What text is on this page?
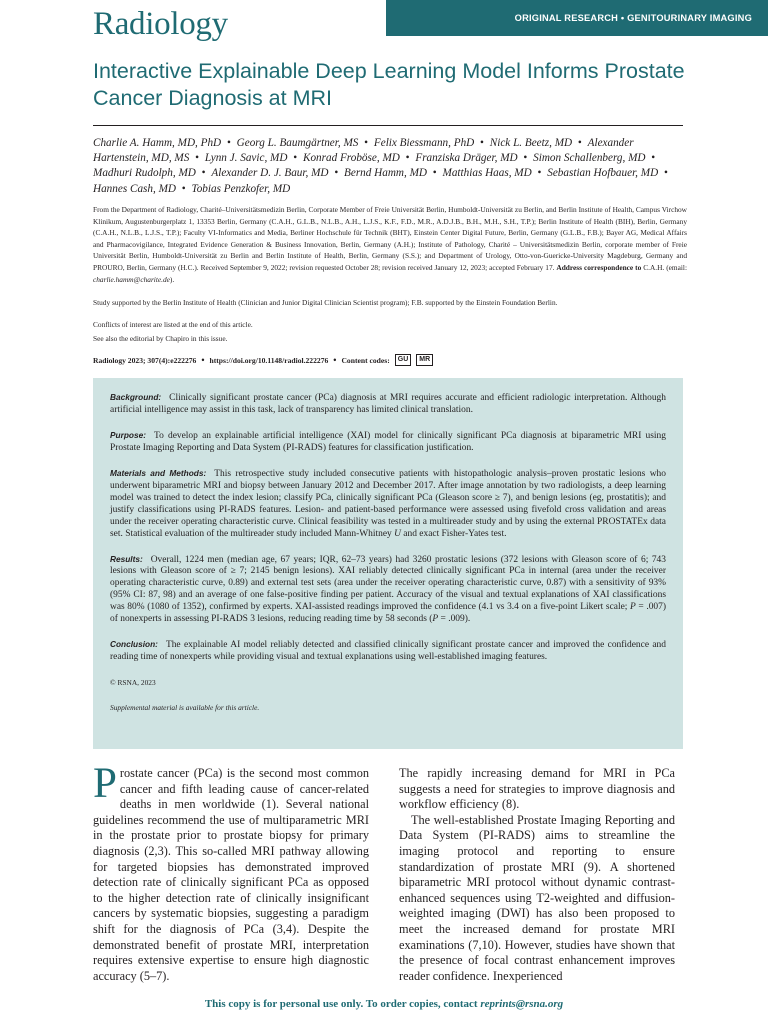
Radiology	ORIGINAL RESEARCH • GENITOURINARY IMAGING
Interactive Explainable Deep Learning Model Informs Prostate Cancer Diagnosis at MRI
Charlie A. Hamm, MD, PhD • Georg L. Baumgärtner, MS • Felix Biessmann, PhD • Nick L. Beetz, MD • Alexander Hartenstein, MD, MS • Lynn J. Savic, MD • Konrad Froböse, MD • Franziska Dräger, MD • Simon Schallenberg, MD • Madhuri Rudolph, MD • Alexander D. J. Baur, MD • Bernd Hamm, MD • Matthias Haas, MD • Sebastian Hofbauer, MD • Hannes Cash, MD • Tobias Penzkofer, MD
From the Department of Radiology, Charité–Universitätsmedizin Berlin, Corporate Member of Freie Universität Berlin, Humboldt-Universität zu Berlin, and Berlin Institute of Health, Campus Virchow Klinikum, Augustenburgerplatz 1, 13353 Berlin, Germany (C.A.H., G.L.B., N.L.B., A.H., L.J.S., K.F., F.D., M.R., A.D.J.B., B.H., M.H., S.H., T.P.); Berlin Institute of Health (BIH), Berlin, Germany (C.A.H., N.L.B., L.J.S., T.P.); Faculty VI-Informatics and Media, Berliner Hochschule für Technik (BHT), Einstein Center Digital Future, Berlin, Germany (G.L.B., F.B.); Bayer AG, Medical Affairs and Pharmacovigilance, Integrated Evidence Generation & Business Innovation, Berlin, Germany (A.H.); Institute of Pathology, Charité – Universitätsmedizin Berlin, corporate member of Freie Universität Berlin, Humboldt-Universität zu Berlin and Berlin Institute of Health, Berlin, Germany (S.S.); and Department of Urology, Otto-von-Guericke-University Magdeburg, Germany and PROURO, Berlin, Germany (H.C.). Received September 9, 2022; revision requested October 28; revision received January 12, 2023; accepted February 17. Address correspondence to C.A.H. (email: charlie.hamm@charite.de).
Study supported by the Berlin Institute of Health (Clinician and Junior Digital Clinician Scientist program); F.B. supported by the Einstein Foundation Berlin.
Conflicts of interest are listed at the end of this article.
See also the editorial by Chapiro in this issue.
Radiology 2023; 307(4):e222276 • https://doi.org/10.1148/radiol.222276 • Content codes:	GU	MR

Background: Clinically significant prostate cancer (PCa) diagnosis at MRI requires accurate and efficient radiologic interpretation. Although artificial intelligence may assist in this task, lack of transparency has limited clinical translation.

Purpose: To develop an explainable artificial intelligence (XAI) model for clinically significant PCa diagnosis at biparametric MRI using Prostate Imaging Reporting and Data System (PI-RADS) features for classification justification.

Materials and Methods: This retrospective study included consecutive patients with histopathologic analysis–proven prostatic lesions who underwent biparametric MRI and biopsy between January 2012 and December 2017. After image annotation by two radiologists, a deep learning model was trained to detect the index lesion; classify PCa, clinically significant PCa (Gleason score ≥ 7), and benign lesions (eg, prostatitis); and justify classifications using PI-RADS features. Lesion- and patient-based performance were assessed using fivefold cross validation and areas under the receiver operating characteristic curve. Clinical feasibility was tested in a multireader study and by using the external PROSTATEx data set. Statistical evaluation of the multireader study included Mann-Whitney U and exact Fisher-Yates test.

Results: Overall, 1224 men (median age, 67 years; IQR, 62–73 years) had 3260 prostatic lesions (372 lesions with Gleason score of 6; 743 lesions with Gleason score of ≥ 7; 2145 benign lesions). XAI reliably detected clinically significant PCa in internal (area under the receiver operating characteristic curve, 0.89) and external test sets (area under the receiver operating characteristic curve, 0.87) with a sensitivity of 93% (95% CI: 87, 98) and an average of one false-positive finding per patient. Accuracy of the visual and textual explanations of XAI classifications was 80% (1080 of 1352), confirmed by experts. XAI-assisted readings improved the confidence (4.1 vs 3.4 on a five-point Likert scale; P = .007) of nonexperts in assessing PI-RADS 3 lesions, reducing reading time by 58 seconds (P = .009).

Conclusion: The explainable AI model reliably detected and classified clinically significant prostate cancer and improved the confidence and reading time of nonexperts while providing visual and textual explanations using well-established imaging features.

© RSNA, 2023

Supplemental material is available for this article.

Prostate cancer (PCa) is the second most common cancer and fifth leading cause of cancer-related deaths in men worldwide (1). Several national guidelines recommend the use of multiparametric MRI in the prostate prior to prostate biopsy for primary diagnosis (2,3). This so-called MRI pathway allowing for targeted biopsies has demonstrated improved detection rate of clinically significant PCa as opposed to the higher detection rate of clinically insignificant cancers by systematic biopsies, suggesting a paradigm shift for the diagnosis of PCa (3,4). Despite the demonstrated benefit of prostate MRI, interpretation requires extensive expertise to ensure high diagnostic accuracy (5–7).

The rapidly increasing demand for MRI in PCa suggests a need for strategies to improve diagnosis and workflow efficiency (8).

The well-established Prostate Imaging Reporting and Data System (PI-RADS) aims to streamline the imaging protocol and reporting to ensure standardization of prostate MRI (9). A shortened biparametric MRI protocol without dynamic contrast-enhanced sequences using T2-weighted and diffusion-weighted imaging (DWI) has also been proposed to meet the increased demand for prostate MRI examinations (7,10). However, studies have shown that the presence of focal contrast enhancement improves reader confidence. Inexperienced

This copy is for personal use only. To order copies, contact reprints@rsna.org
